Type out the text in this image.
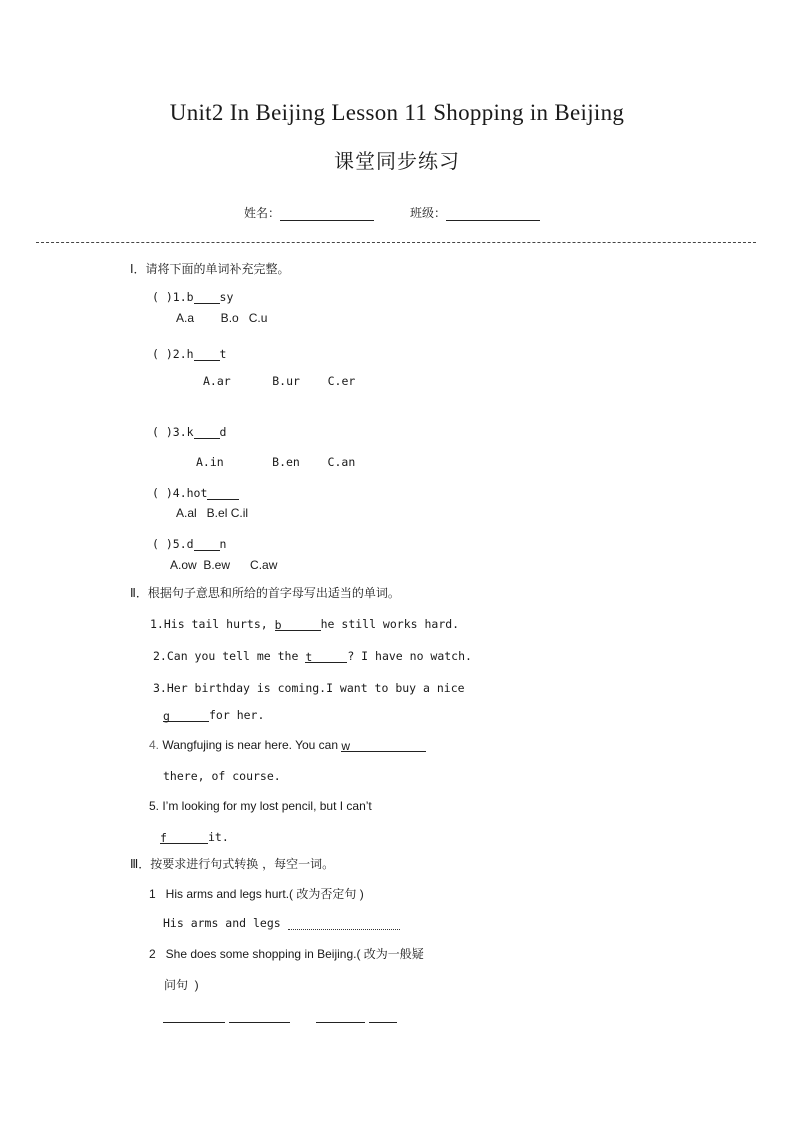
Unit2 In Beijing Lesson 11 Shopping in Beijing
课堂同步练习
姓名：	班级：
Ⅰ．请将下面的单词补充完整。
( )1.b sy
A.a        B.o   C.u
( )2.h t
A.ar      B.ur    C.er
( )3.k d
A.in       B.en    C.an
( )4.hot
A.al   B.el C.il
( )5.d n
A.ow  B.ew      C.aw
Ⅱ．根据句子意思和所给的首字母写出适当的单词。
1.His tail hurts, b	he still works hard.
2.Can you tell me the t	? I have no watch.
3.Her birthday is coming.I want to buy a nice
g	for her.
4. Wangfujing is near here. You can w
there, of course.
5. I’m looking for my lost pencil, but I can’t
f	it.
Ⅲ．按要求进行句式转换 ，每空一词。
1   His arms and legs hurt.( 改为否定句 )
His arms and legs
2   She does some shopping in Beijing.( 改为一般疑
问句  )
